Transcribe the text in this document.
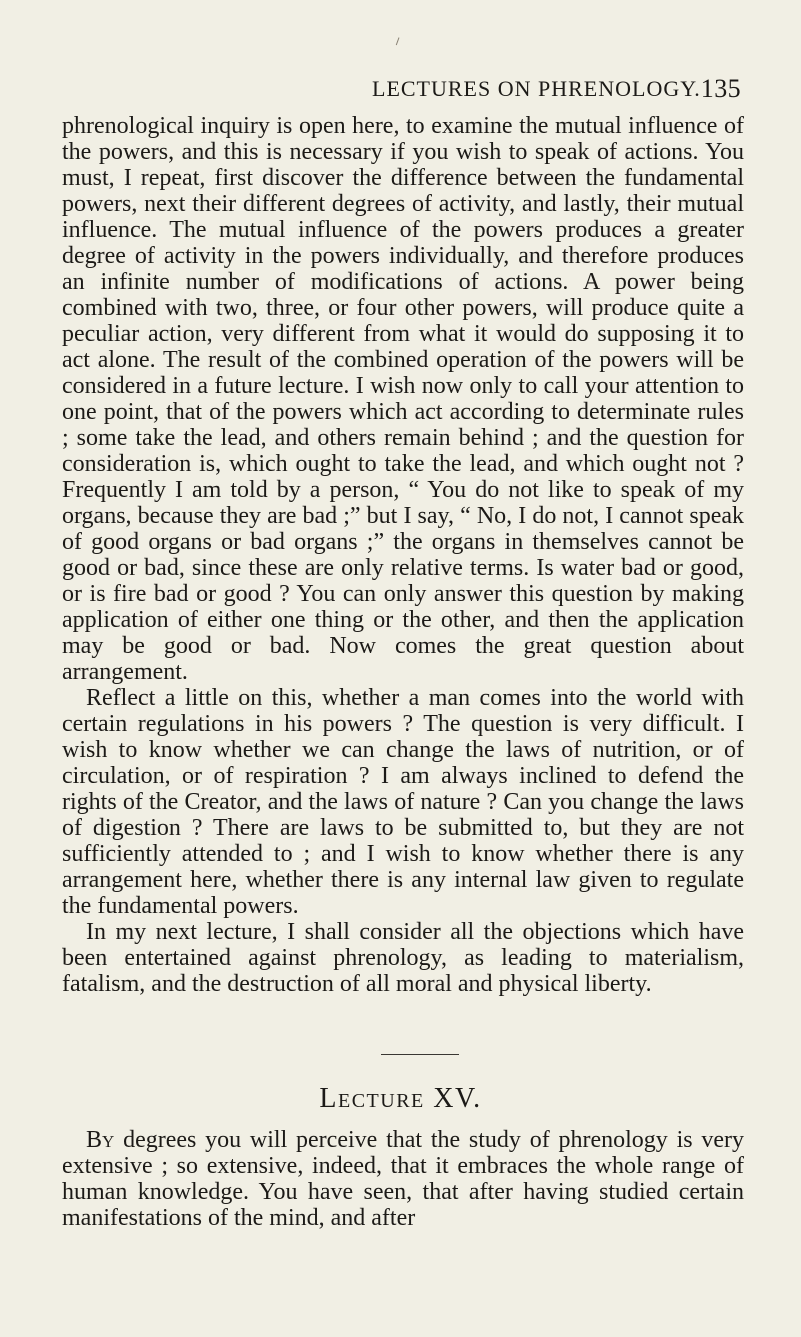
LECTURES ON PHRENOLOGY. 135

phrenological inquiry is open here, to examine the mutual influence of the powers, and this is necessary if you wish to speak of actions. You must, I repeat, first discover the difference between the fundamental powers, next their different degrees of activity, and lastly, their mutual influence. The mutual influence of the powers produces a greater degree of activity in the powers individually, and therefore produces an infinite number of modifications of actions. A power being combined with two, three, or four other powers, will produce quite a peculiar action, very different from what it would do supposing it to act alone. The result of the combined operation of the powers will be considered in a future lecture. I wish now only to call your attention to one point, that of the powers which act according to determinate rules ; some take the lead, and others remain behind ; and the question for consideration is, which ought to take the lead, and which ought not ? Frequently I am told by a person, “ You do not like to speak of my organs, because they are bad ;” but I say, “ No, I do not, I cannot speak of good organs or bad organs ;” the organs in themselves cannot be good or bad, since these are only relative terms. Is water bad or good, or is fire bad or good ? You can only answer this question by making application of either one thing or the other, and then the application may be good or bad. Now comes the great question about arrangement.

Reflect a little on this, whether a man comes into the world with certain regulations in his powers ? The question is very difficult. I wish to know whether we can change the laws of nutrition, or of circulation, or of respiration ? I am always inclined to defend the rights of the Creator, and the laws of nature ? Can you change the laws of digestion ? There are laws to be submitted to, but they are not sufficiently attended to ; and I wish to know whether there is any arrangement here, whether there is any internal law given to regulate the fundamental powers.

In my next lecture, I shall consider all the objections which have been entertained against phrenology, as leading to materialism, fatalism, and the destruction of all moral and physical liberty.

Lecture XV.

By degrees you will perceive that the study of phrenology is very extensive ; so extensive, indeed, that it embraces the whole range of human knowledge. You have seen, that after having studied certain manifestations of the mind, and after
